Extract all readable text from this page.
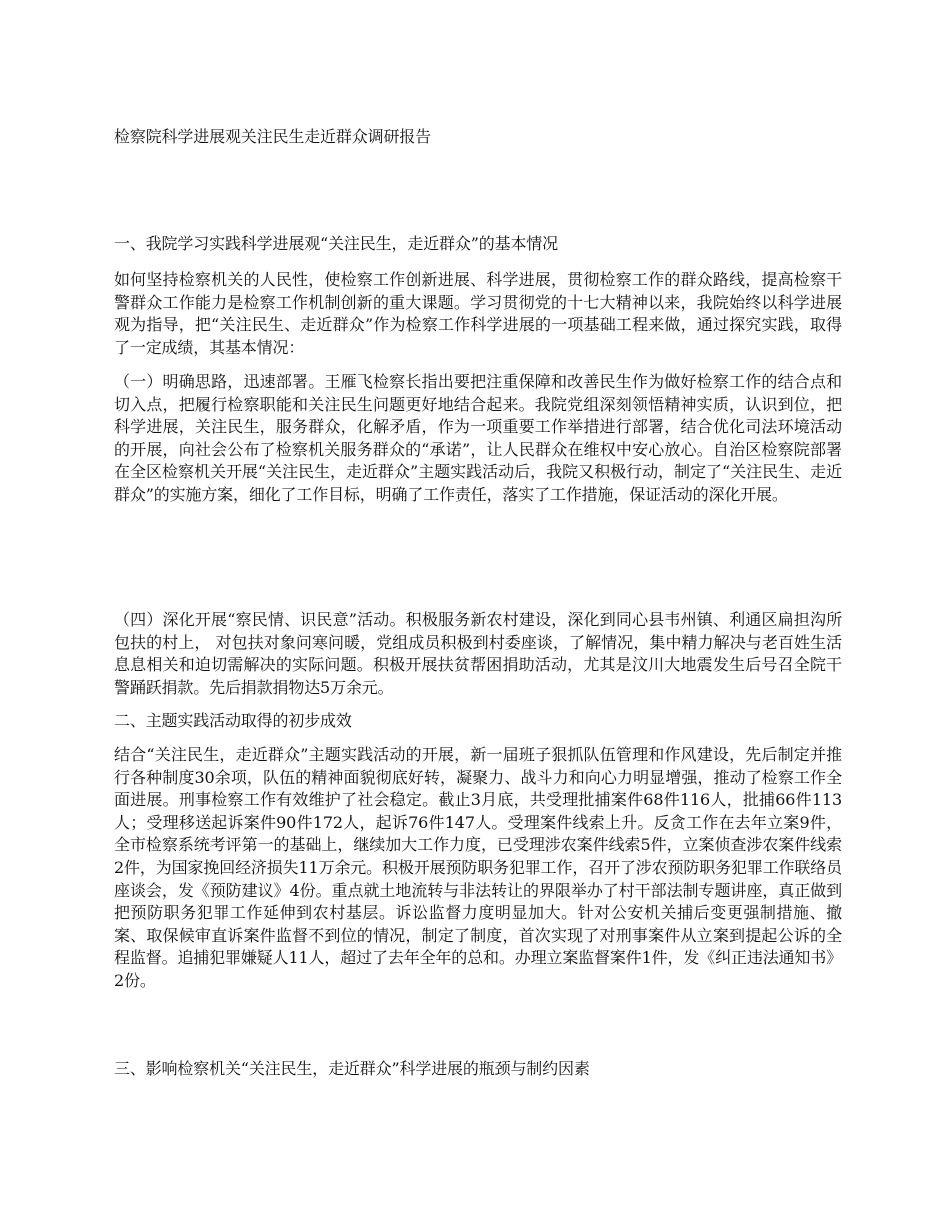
检察院科学进展观关注民生走近群众调研报告

一、我院学习实践科学进展观“关注民生，走近群众”的基本情况

如何坚持检察机关的人民性，使检察工作创新进展、科学进展，贯彻检察工作的群众路线，提高检察干警群众工作能力是检察工作机制创新的重大课题。学习贯彻党的十七大精神以来，我院始终以科学进展观为指导，把“关注民生、走近群众”作为检察工作科学进展的一项基础工程来做，通过探究实践，取得了一定成绩，其基本情况：

（一）明确思路，迅速部署。王雁飞检察长指出要把注重保障和改善民生作为做好检察工作的结合点和切入点，把履行检察职能和关注民生问题更好地结合起来。我院党组深刻领悟精神实质，认识到位，把科学进展，关注民生，服务群众，化解矛盾，作为一项重要工作举措进行部署，结合优化司法环境活动的开展，向社会公布了检察机关服务群众的“承诺”，让人民群众在维权中安心放心。自治区检察院部署在全区检察机关开展“关注民生，走近群众”主题实践活动后，我院又积极行动，制定了“关注民生、走近群众”的实施方案，细化了工作目标，明确了工作责任，落实了工作措施，保证活动的深化开展。

（四）深化开展“察民情、识民意”活动。积极服务新农村建设，深化到同心县韦州镇、利通区扁担沟所包扶的村上， 对包扶对象问寒问暖，党组成员积极到村委座谈，了解情况，集中精力解决与老百姓生活息息相关和迫切需解决的实际问题。积极开展扶贫帮困捐助活动，尤其是汶川大地震发生后号召全院干警踊跃捐款。先后捐款捐物达5万余元。

二、主题实践活动取得的初步成效

结合“关注民生，走近群众”主题实践活动的开展，新一届班子狠抓队伍管理和作风建设，先后制定并推行各种制度30余项，队伍的精神面貌彻底好转，凝聚力、战斗力和向心力明显增强，推动了检察工作全面进展。刑事检察工作有效维护了社会稳定。截止3月底，共受理批捕案件68件116人，批捕66件113人；受理移送起诉案件90件172人，起诉76件147人。受理案件线索上升。反贪工作在去年立案9件，全市检察系统考评第一的基础上，继续加大工作力度，已受理涉农案件线索5件，立案侦查涉农案件线索2件，为国家挽回经济损失11万余元。积极开展预防职务犯罪工作，召开了涉农预防职务犯罪工作联络员座谈会，发《预防建议》4份。重点就土地流转与非法转让的界限举办了村干部法制专题讲座，真正做到把预防职务犯罪工作延伸到农村基层。诉讼监督力度明显加大。针对公安机关捕后变更强制措施、撤案、取保候审直诉案件监督不到位的情况，制定了制度，首次实现了对刑事案件从立案到提起公诉的全程监督。追捕犯罪嫌疑人11人，超过了去年全年的总和。办理立案监督案件1件，发《纠正违法通知书》2份。

三、影响检察机关“关注民生，走近群众”科学进展的瓶颈与制约因素
